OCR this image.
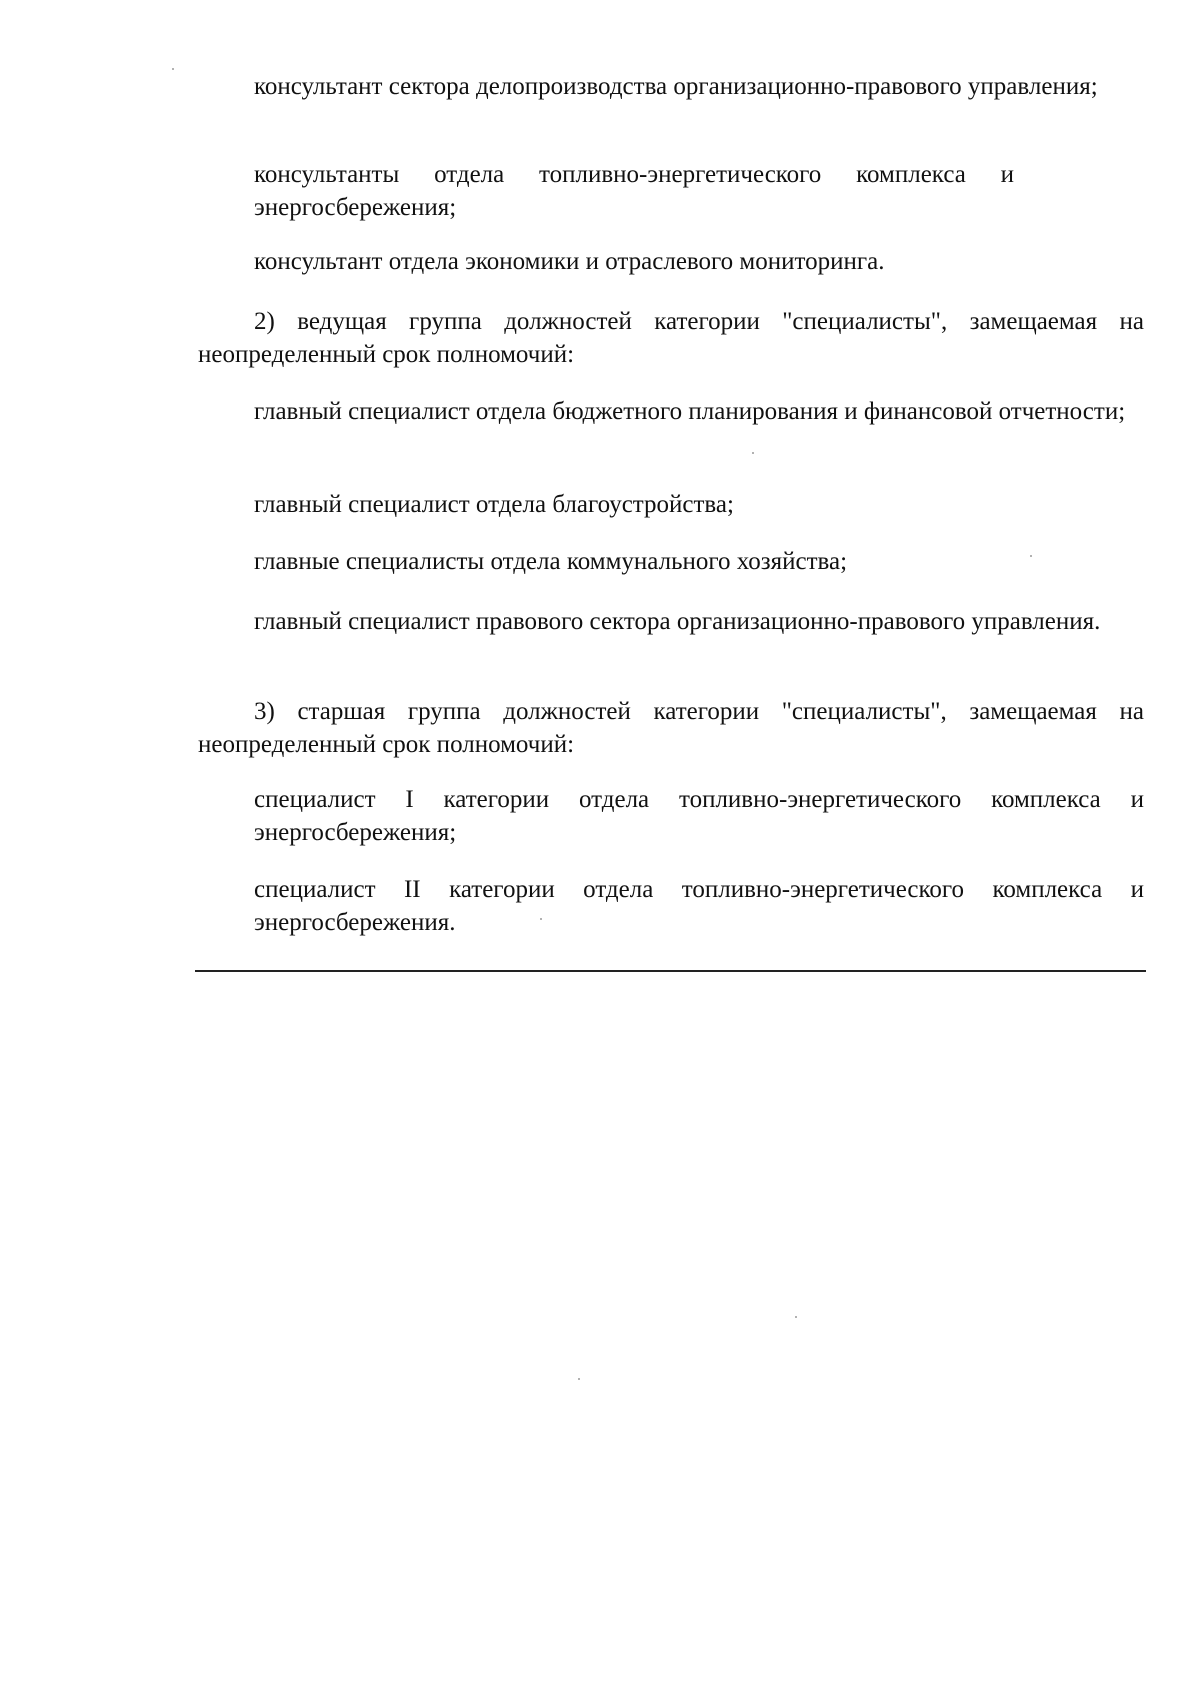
консультант сектора делопроизводства организационно-правового управления;

консультанты отдела топливно-энергетического комплекса и энергосбережения;

консультант отдела экономики и отраслевого мониторинга.

2) ведущая группа должностей категории "специалисты", замещаемая на неопределенный срок полномочий:

главный специалист отдела бюджетного планирования и финансовой отчетности;

главный специалист отдела благоустройства;

главные специалисты отдела коммунального хозяйства;

главный специалист правового сектора организационно-правового управления.

3) старшая группа должностей категории "специалисты", замещаемая на неопределенный срок полномочий:

специалист I категории отдела топливно-энергетического комплекса и энергосбережения;

специалист II категории отдела топливно-энергетического комплекса и энергосбережения.
